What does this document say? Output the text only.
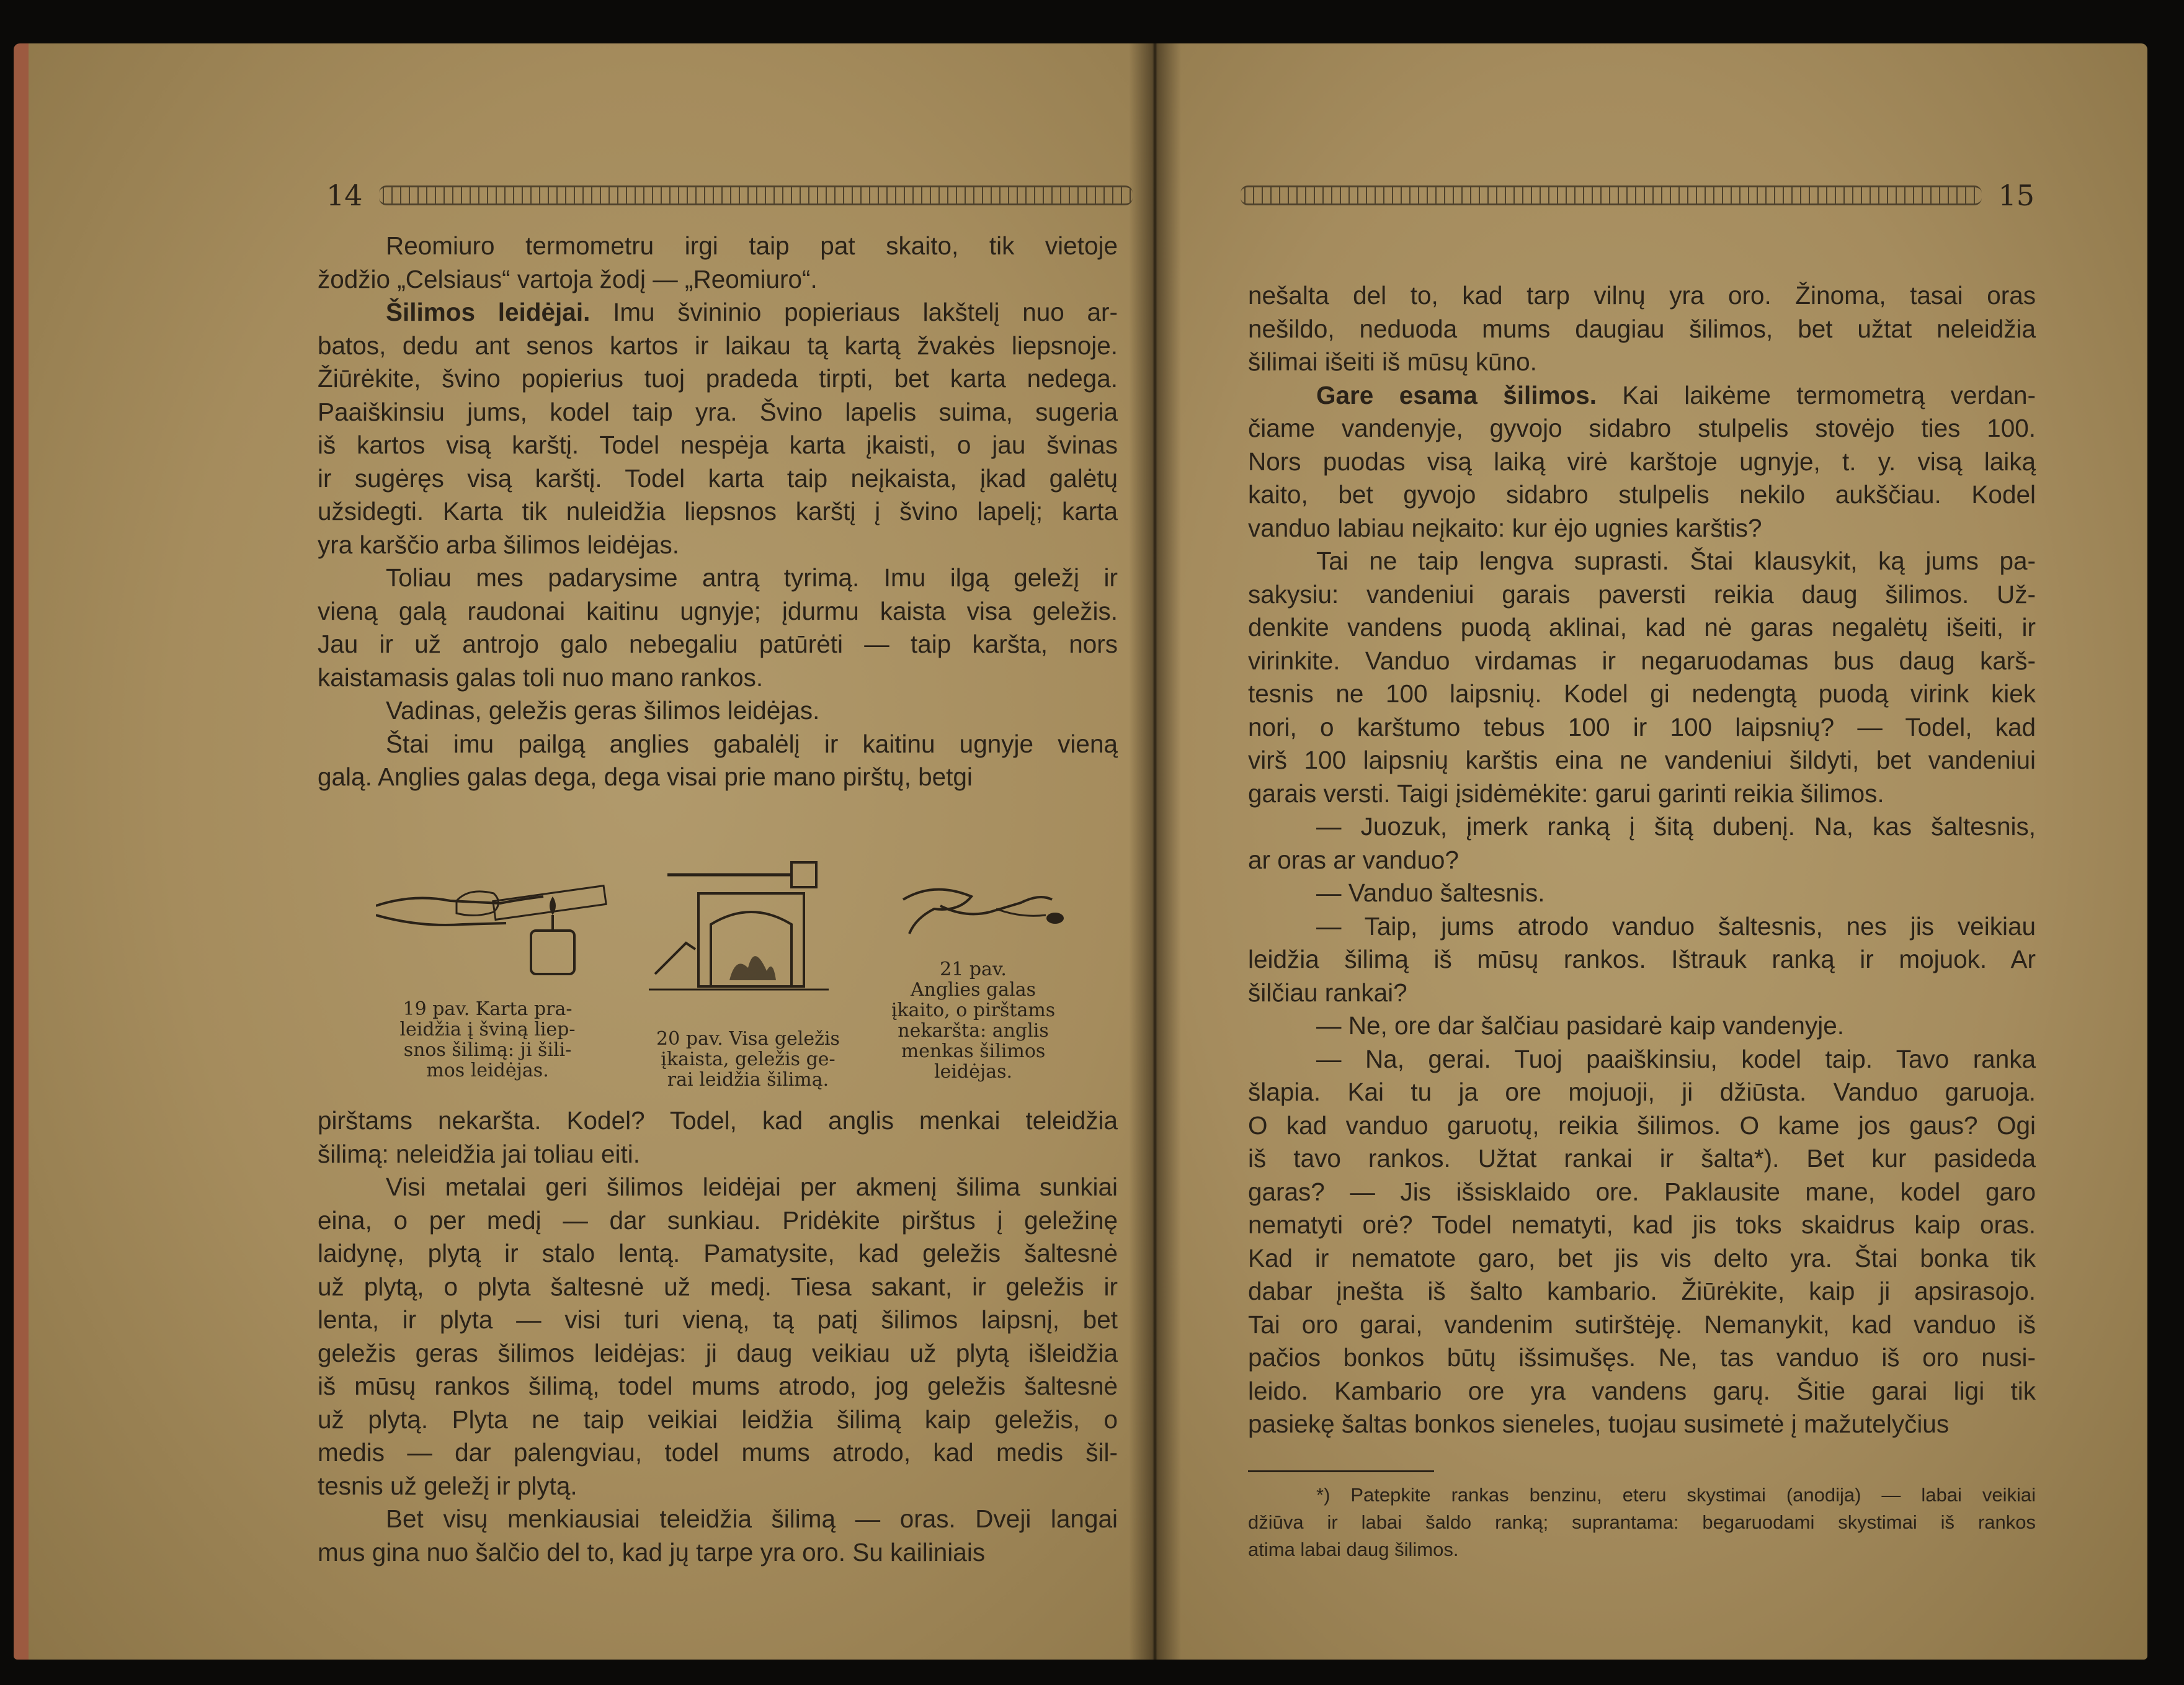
14
Reomiuro termometru irgi taip pat skaito, tik vietoje
žodžio „Celsiaus“ vartoja žodį — „Reomiuro“.
Šilimos leidėjai. Imu švininio popieriaus lakštelį nuo ar-
batos, dedu ant senos kartos ir laikau tą kartą žvakės liepsnoje.
Žiūrėkite, švino popierius tuoj pradeda tirpti, bet karta nedega.
Paaiškinsiu jums, kodel taip yra. Švino lapelis suima, sugeria
iš kartos visą karštį. Todel nespėja karta įkaisti, o jau švinas
ir sugėręs visą karštį. Todel karta taip neįkaista, įkad galėtų
užsidegti. Karta tik nuleidžia liepsnos karštį į švino lapelį; karta
yra karščio arba šilimos leidėjas.
Toliau mes padarysime antrą tyrimą. Imu ilgą geležį ir
vieną galą raudonai kaitinu ugnyje; įdurmu kaista visa geležis.
Jau ir už antrojo galo nebegaliu patūrėti — taip karšta, nors
kaistamasis galas toli nuo mano rankos.
Vadinas, geležis geras šilimos leidėjas.
Štai imu pailgą anglies gabalėlį ir kaitinu ugnyje vieną
galą. Anglies galas dega, dega visai prie mano pirštų, betgi
19 pav. Karta pra-
leidžia į šviną liep-
snos šilimą: ji šili-
mos leidėjas.
20 pav. Visa geležis
įkaista, geležis ge-
rai leidžia šilimą.
21 pav.
Anglies galas
įkaito, o pirštams
nekaršta: anglis
menkas šilimos
leidėjas.
pirštams nekaršta. Kodel? Todel, kad anglis menkai teleidžia
šilimą: neleidžia jai toliau eiti.
Visi metalai geri šilimos leidėjai per akmenį šilima sunkiai
eina, o per medį — dar sunkiau. Pridėkite pirštus į geležinę
laidynę, plytą ir stalo lentą. Pamatysite, kad geležis šaltesnė
už plytą, o plyta šaltesnė už medį. Tiesa sakant, ir geležis ir
lenta, ir plyta — visi turi vieną, tą patį šilimos laipsnį, bet
geležis geras šilimos leidėjas: ji daug veikiau už plytą išleidžia
iš mūsų rankos šilimą, todel mums atrodo, jog geležis šaltesnė
už plytą. Plyta ne taip veikiai leidžia šilimą kaip geležis, o
medis — dar palengviau, todel mums atrodo, kad medis šil-
tesnis už geležį ir plytą.
Bet visų menkiausiai teleidžia šilimą — oras. Dveji langai
mus gina nuo šalčio del to, kad jų tarpe yra oro. Su kailiniais
15
nešalta del to, kad tarp vilnų yra oro. Žinoma, tasai oras
nešildo, neduoda mums daugiau šilimos, bet užtat neleidžia
šilimai išeiti iš mūsų kūno.
Gare esama šilimos. Kai laikėme termometrą verdan-
čiame vandenyje, gyvojo sidabro stulpelis stovėjo ties 100.
Nors puodas visą laiką virė karštoje ugnyje, t. y. visą laiką
kaito, bet gyvojo sidabro stulpelis nekilo aukščiau. Kodel
vanduo labiau neįkaito: kur ėjo ugnies karštis?
Tai ne taip lengva suprasti. Štai klausykit, ką jums pa-
sakysiu: vandeniui garais paversti reikia daug šilimos. Už-
denkite vandens puodą aklinai, kad nė garas negalėtų išeiti, ir
virinkite. Vanduo virdamas ir negaruodamas bus daug karš-
tesnis ne 100 laipsnių. Kodel gi nedengtą puodą virink kiek
nori, o karštumo tebus 100 ir 100 laipsnių? — Todel, kad
virš 100 laipsnių karštis eina ne vandeniui šildyti, bet vandeniui
garais versti. Taigi įsidėmėkite: garui garinti reikia šilimos.
— Juozuk, įmerk ranką į šitą dubenį. Na, kas šaltesnis,
ar oras ar vanduo?
— Vanduo šaltesnis.
— Taip, jums atrodo vanduo šaltesnis, nes jis veikiau
leidžia šilimą iš mūsų rankos. Ištrauk ranką ir mojuok. Ar
šilčiau rankai?
— Ne, ore dar šalčiau pasidarė kaip vandenyje.
— Na, gerai. Tuoj paaiškinsiu, kodel taip. Tavo ranka
šlapia. Kai tu ja ore mojuoji, ji džiūsta. Vanduo garuoja.
O kad vanduo garuotų, reikia šilimos. O kame jos gaus? Ogi
iš tavo rankos. Užtat rankai ir šalta*). Bet kur pasideda
garas? — Jis išsisklaido ore. Paklausite mane, kodel garo
nematyti orė? Todel nematyti, kad jis toks skaidrus kaip oras.
Kad ir nematote garo, bet jis vis delto yra. Štai bonka tik
dabar įnešta iš šalto kambario. Žiūrėkite, kaip ji apsirasojo.
Tai oro garai, vandenim sutirštėję. Nemanykit, kad vanduo iš
pačios bonkos būtų išsimušęs. Ne, tas vanduo iš oro nusi-
leido. Kambario ore yra vandens garų. Šitie garai ligi tik
pasiekę šaltas bonkos sieneles, tuojau susimetė į mažutelyčius
*) Patepkite rankas benzinu, eteru skystimai (anodija) — labai veikiai
džiūva ir labai šaldo ranką; suprantama: begaruodami skystimai iš rankos
atima labai daug šilimos.
